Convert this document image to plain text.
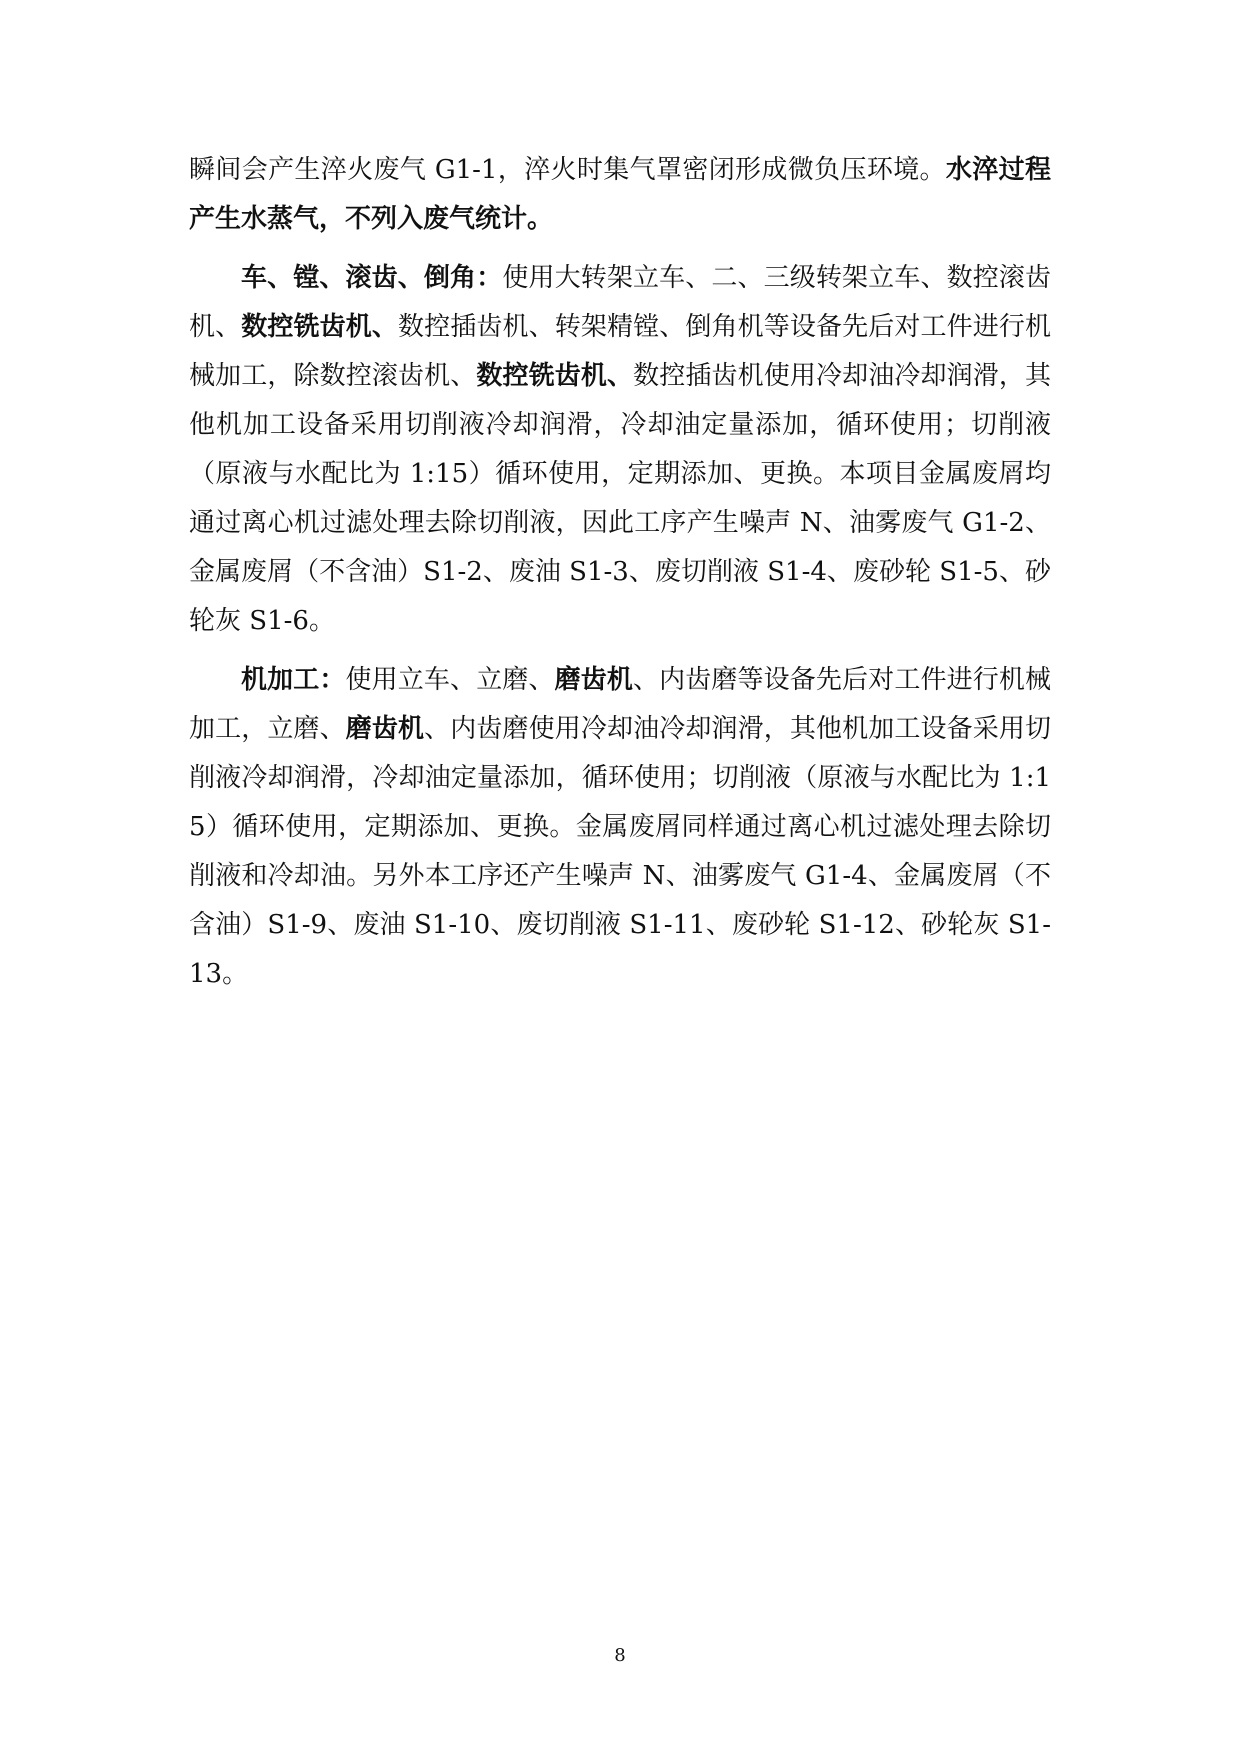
瞬间会产生淬火废气 G1-1，淬火时集气罩密闭形成微负压环境。水淬过程产生水蒸气，不列入废气统计。

车、镗、滚齿、倒角：使用大转架立车、二、三级转架立车、数控滚齿机、数控铣齿机、数控插齿机、转架精镗、倒角机等设备先后对工件进行机械加工，除数控滚齿机、数控铣齿机、数控插齿机使用冷却油冷却润滑，其他机加工设备采用切削液冷却润滑，冷却油定量添加，循环使用；切削液（原液与水配比为 1:15）循环使用，定期添加、更换。本项目金属废屑均通过离心机过滤处理去除切削液，因此工序产生噪声 N、油雾废气 G1-2、金属废屑（不含油）S1-2、废油 S1-3、废切削液 S1-4、废砂轮 S1-5、砂轮灰 S1-6。

机加工：使用立车、立磨、磨齿机、内齿磨等设备先后对工件进行机械加工，立磨、磨齿机、内齿磨使用冷却油冷却润滑，其他机加工设备采用切削液冷却润滑，冷却油定量添加，循环使用；切削液（原液与水配比为 1:15）循环使用，定期添加、更换。金属废屑同样通过离心机过滤处理去除切削液和冷却油。另外本工序还产生噪声 N、油雾废气 G1-4、金属废屑（不含油）S1-9、废油 S1-10、废切削液 S1-11、废砂轮 S1-12、砂轮灰 S1-13。

8
